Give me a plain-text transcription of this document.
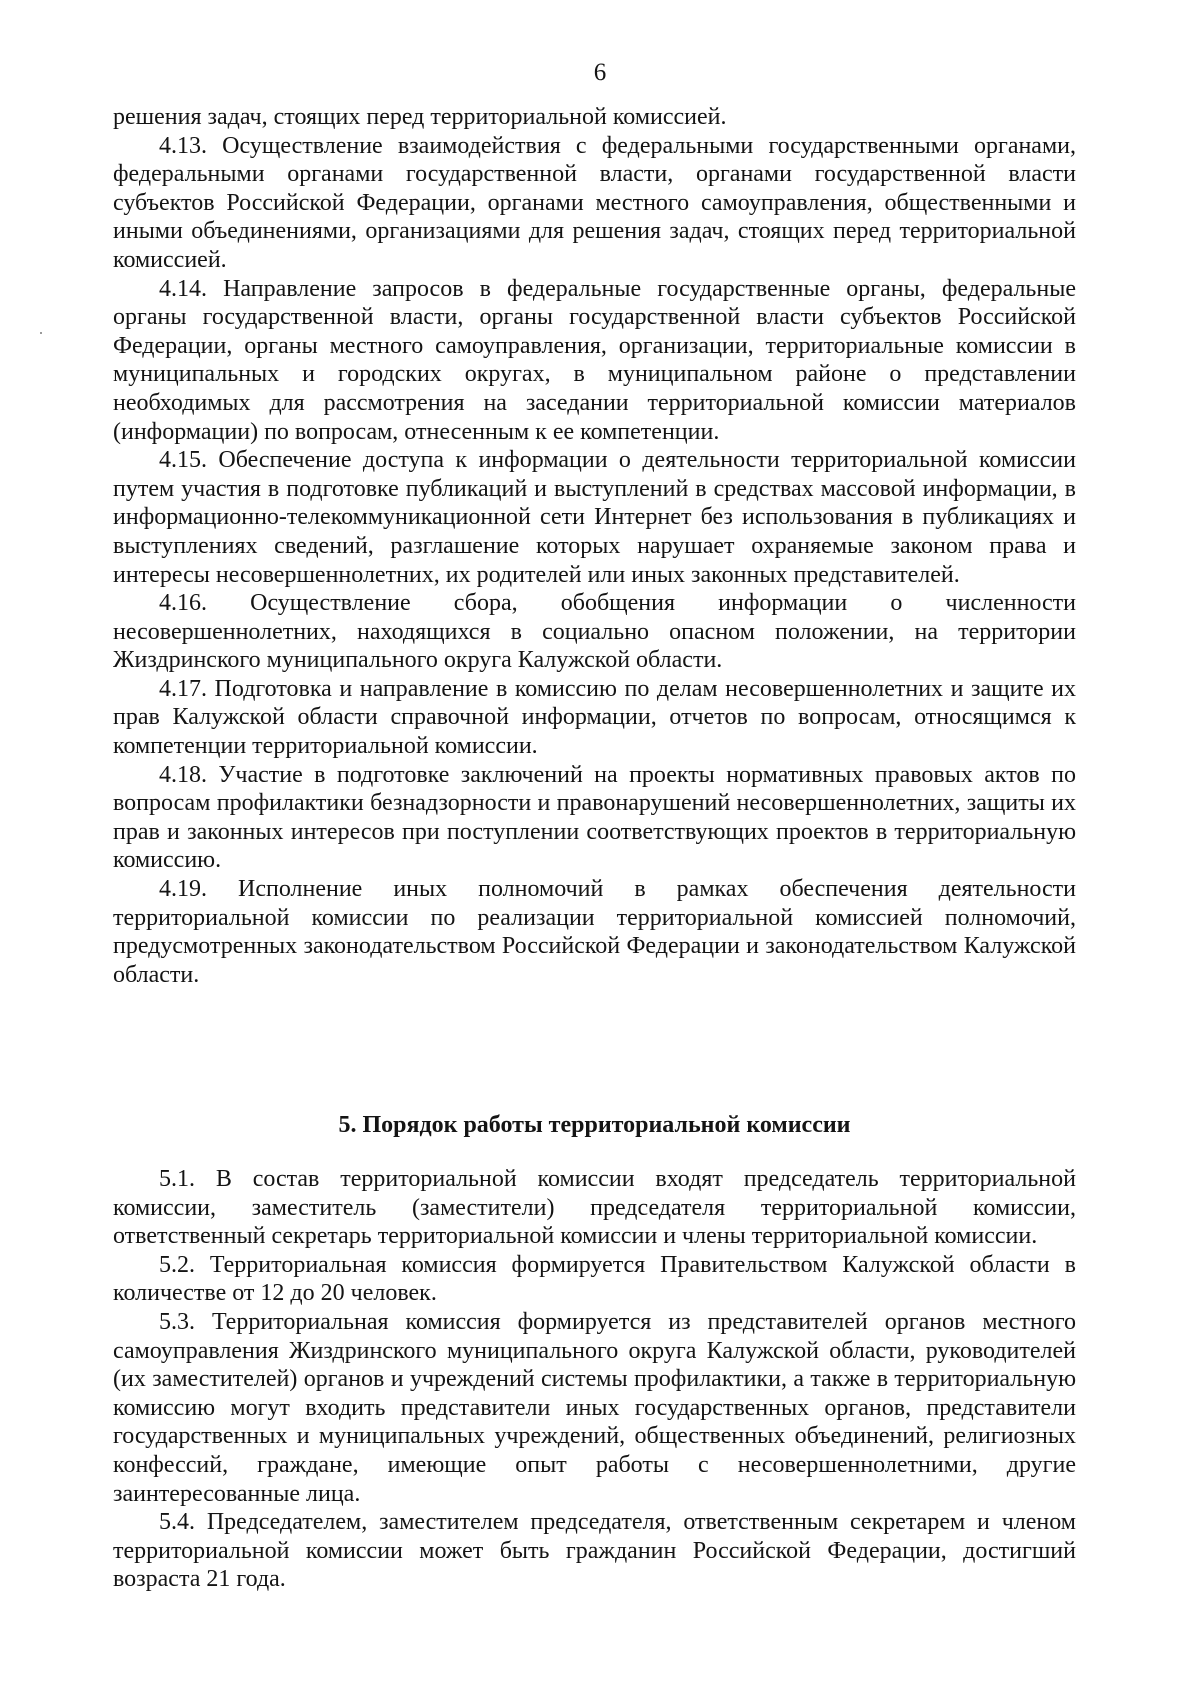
6

решения задач, стоящих перед территориальной комиссией.

4.13. Осуществление взаимодействия с федеральными государственными органами, федеральными органами государственной власти, органами государственной власти субъектов Российской Федерации, органами местного самоуправления, общественными и иными объединениями, организациями для решения задач, стоящих перед территориальной комиссией.

4.14. Направление запросов в федеральные государственные органы, федеральные органы государственной власти, органы государственной власти субъектов Российской Федерации, органы местного самоуправления, организации, территориальные комиссии в муниципальных и городских округах, в муниципальном районе о представлении необходимых для рассмотрения на заседании территориальной комиссии материалов (информации) по вопросам, отнесенным к ее компетенции.

4.15. Обеспечение доступа к информации о деятельности территориальной комиссии путем участия в подготовке публикаций и выступлений в средствах массовой информации, в информационно-телекоммуникационной сети Интернет без использования в публикациях и выступлениях сведений, разглашение которых нарушает охраняемые законом права и интересы несовершеннолетних, их родителей или иных законных представителей.

4.16. Осуществление сбора, обобщения информации о численности несовершеннолетних, находящихся в социально опасном положении, на территории Жиздринского муниципального округа Калужской области.

4.17. Подготовка и направление в комиссию по делам несовершеннолетних и защите их прав Калужской области справочной информации, отчетов по вопросам, относящимся к компетенции территориальной комиссии.

4.18. Участие в подготовке заключений на проекты нормативных правовых актов по вопросам профилактики безнадзорности и правонарушений несовершеннолетних, защиты их прав и законных интересов при поступлении соответствующих проектов в территориальную комиссию.

4.19. Исполнение иных полномочий в рамках обеспечения деятельности территориальной комиссии по реализации территориальной комиссией полномочий, предусмотренных законодательством Российской Федерации и законодательством Калужской области.

5. Порядок работы территориальной комиссии

5.1. В состав территориальной комиссии входят председатель территориальной комиссии, заместитель (заместители) председателя территориальной комиссии, ответственный секретарь территориальной комиссии и члены территориальной комиссии.

5.2. Территориальная комиссия формируется Правительством Калужской области в количестве от 12 до 20 человек.

5.3. Территориальная комиссия формируется из представителей органов местного самоуправления Жиздринского муниципального округа Калужской области, руководителей (их заместителей) органов и учреждений системы профилактики, а также в территориальную комиссию могут входить представители иных государственных органов, представители государственных и муниципальных учреждений, общественных объединений, религиозных конфессий, граждане, имеющие опыт работы с несовершеннолетними, другие заинтересованные лица.

5.4. Председателем, заместителем председателя, ответственным секретарем и членом территориальной комиссии может быть гражданин Российской Федерации, достигший возраста 21 года.
